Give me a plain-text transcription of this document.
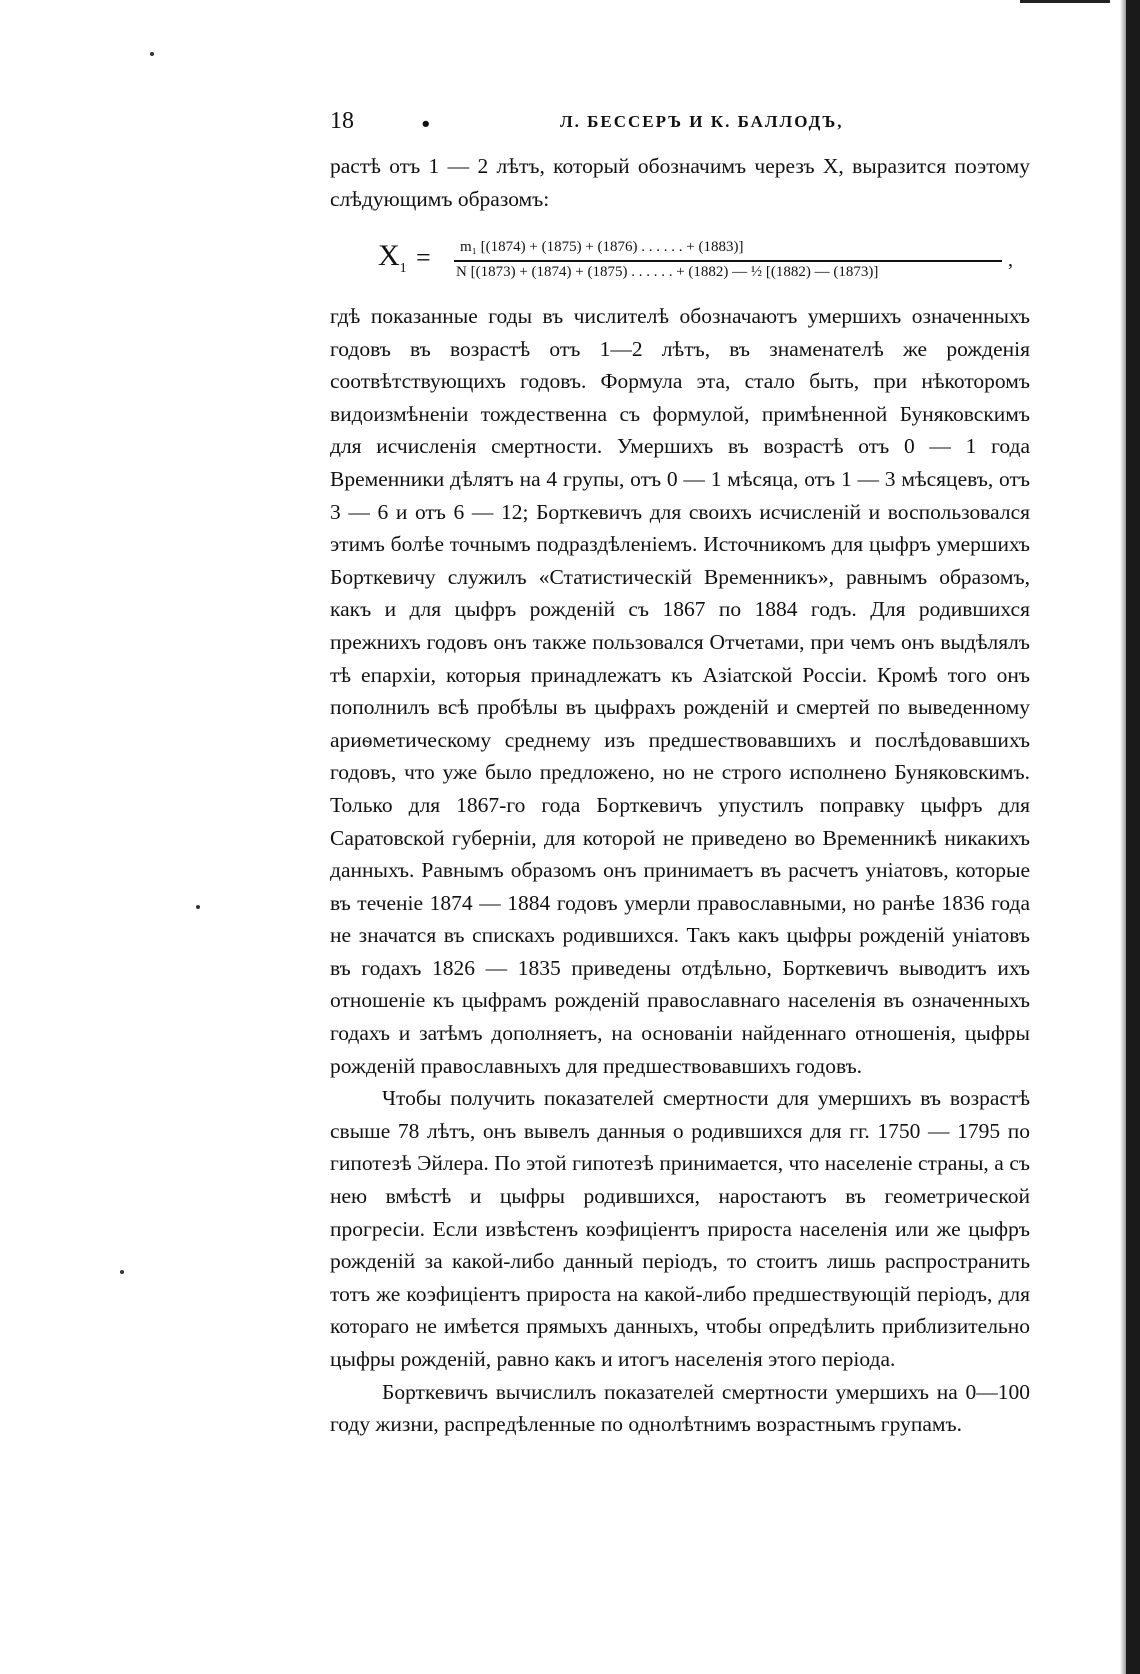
18	•	Л. БЕССЕРЪ И К. БАЛЛОДЪ,

растѣ отъ 1 — 2 лѣтъ, который обозначимъ черезъ X, выразится поэтому слѣдующимъ образомъ:

$X_1 = m_1$ [(1874) + (1875) + (1876) . . . . . . + (1883)]
N [(1873) + (1874) + (1875) . . . . . . + (1882) — ½ [(1882) — (1873)]
,

гдѣ показанные годы въ числителѣ обозначаютъ умершихъ означенныхъ годовъ въ возрастѣ отъ 1—2 лѣтъ, въ знаменателѣ же рожденія соотвѣтствующихъ годовъ. Формула эта, стало быть, при нѣкоторомъ видоизмѣненіи тождественна съ формулой, примѣненной Буняковскимъ для исчисленія смертности. Умершихъ въ возрастѣ отъ 0 — 1 года Временники дѣлятъ на 4 групы, отъ 0 — 1 мѣсяца, отъ 1 — 3 мѣсяцевъ, отъ 3 — 6 и отъ 6 — 12; Борткевичъ для своихъ исчисленій и воспользовался этимъ болѣе точнымъ подраздѣленіемъ. Источникомъ для цыфръ умершихъ Борткевичу служилъ «Статистическій Временникъ», равнымъ образомъ, какъ и для цыфръ рожденій съ 1867 по 1884 годъ. Для родившихся прежнихъ годовъ онъ также пользовался Отчетами, при чемъ онъ выдѣлялъ тѣ епархіи, которыя принадлежатъ къ Азіатской Россіи. Кромѣ того онъ пополнилъ всѣ пробѣлы въ цыфрахъ рожденій и смертей по выведенному ариѳметическому среднему изъ предшествовавшихъ и послѣдовавшихъ годовъ, что уже было предложено, но не строго исполнено Буняковскимъ. Только для 1867-го года Борткевичъ упустилъ поправку цыфръ для Саратовской губерніи, для которой не приведено во Временникѣ никакихъ данныхъ. Равнымъ образомъ онъ принимаетъ въ расчетъ уніатовъ, которые въ теченіе 1874 — 1884 годовъ умерли православными, но ранѣе 1836 года не значатся въ спискахъ родившихся. Такъ какъ цыфры рожденій уніатовъ въ годахъ 1826 — 1835 приведены отдѣльно, Борткевичъ выводитъ ихъ отношеніе къ цыфрамъ рожденій православнаго населенія въ означенныхъ годахъ и затѣмъ дополняетъ, на основаніи найденнаго отношенія, цыфры рожденій православныхъ для предшествовавшихъ годовъ.

Чтобы получить показателей смертности для умершихъ въ возрастѣ свыше 78 лѣтъ, онъ вывелъ данныя о родившихся для гг. 1750 — 1795 по гипотезѣ Эйлера. По этой гипотезѣ принимается, что населеніе страны, а съ нею вмѣстѣ и цыфры родившихся, наростаютъ въ геометрической прогресіи. Если извѣстенъ коэфиціентъ прироста населенія или же цыфръ рожденій за какой-либо данный періодъ, то стоитъ лишь распространить тотъ же коэфиціентъ прироста на какой-либо предшествующій періодъ, для котораго не имѣется прямыхъ данныхъ, чтобы опредѣлить приблизительно цыфры рожденій, равно какъ и итогъ населенія этого періода.

Борткевичъ вычислилъ показателей смертности умершихъ на 0—100 году жизни, распредѣленные по однолѣтнимъ возрастнымъ групамъ.
